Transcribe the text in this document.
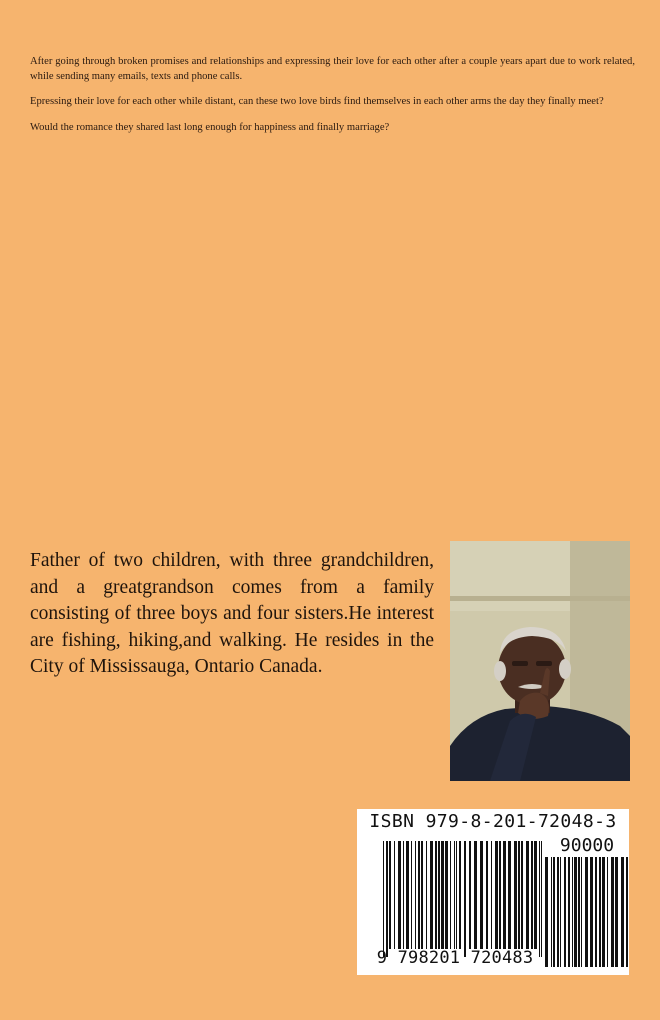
After going through broken promises and relationships and expressing their love for each other after a couple years apart due to work related, while sending many emails, texts and phone calls.

Epressing their love for each other while distant, can these two love birds find themselves in each other arms the day they finally meet?

Would the romance they shared last long enough for happiness and finally marriage?

Father of two children, with three grandchildren, and a greatgrandson comes from a family consisting of three boys and four sisters.He interest are fishing, hiking,and walking. He resides in the City of Mississauga, Ontario Canada.

ISBN 979-8-201-72048-3
90000
9 798201 720483
